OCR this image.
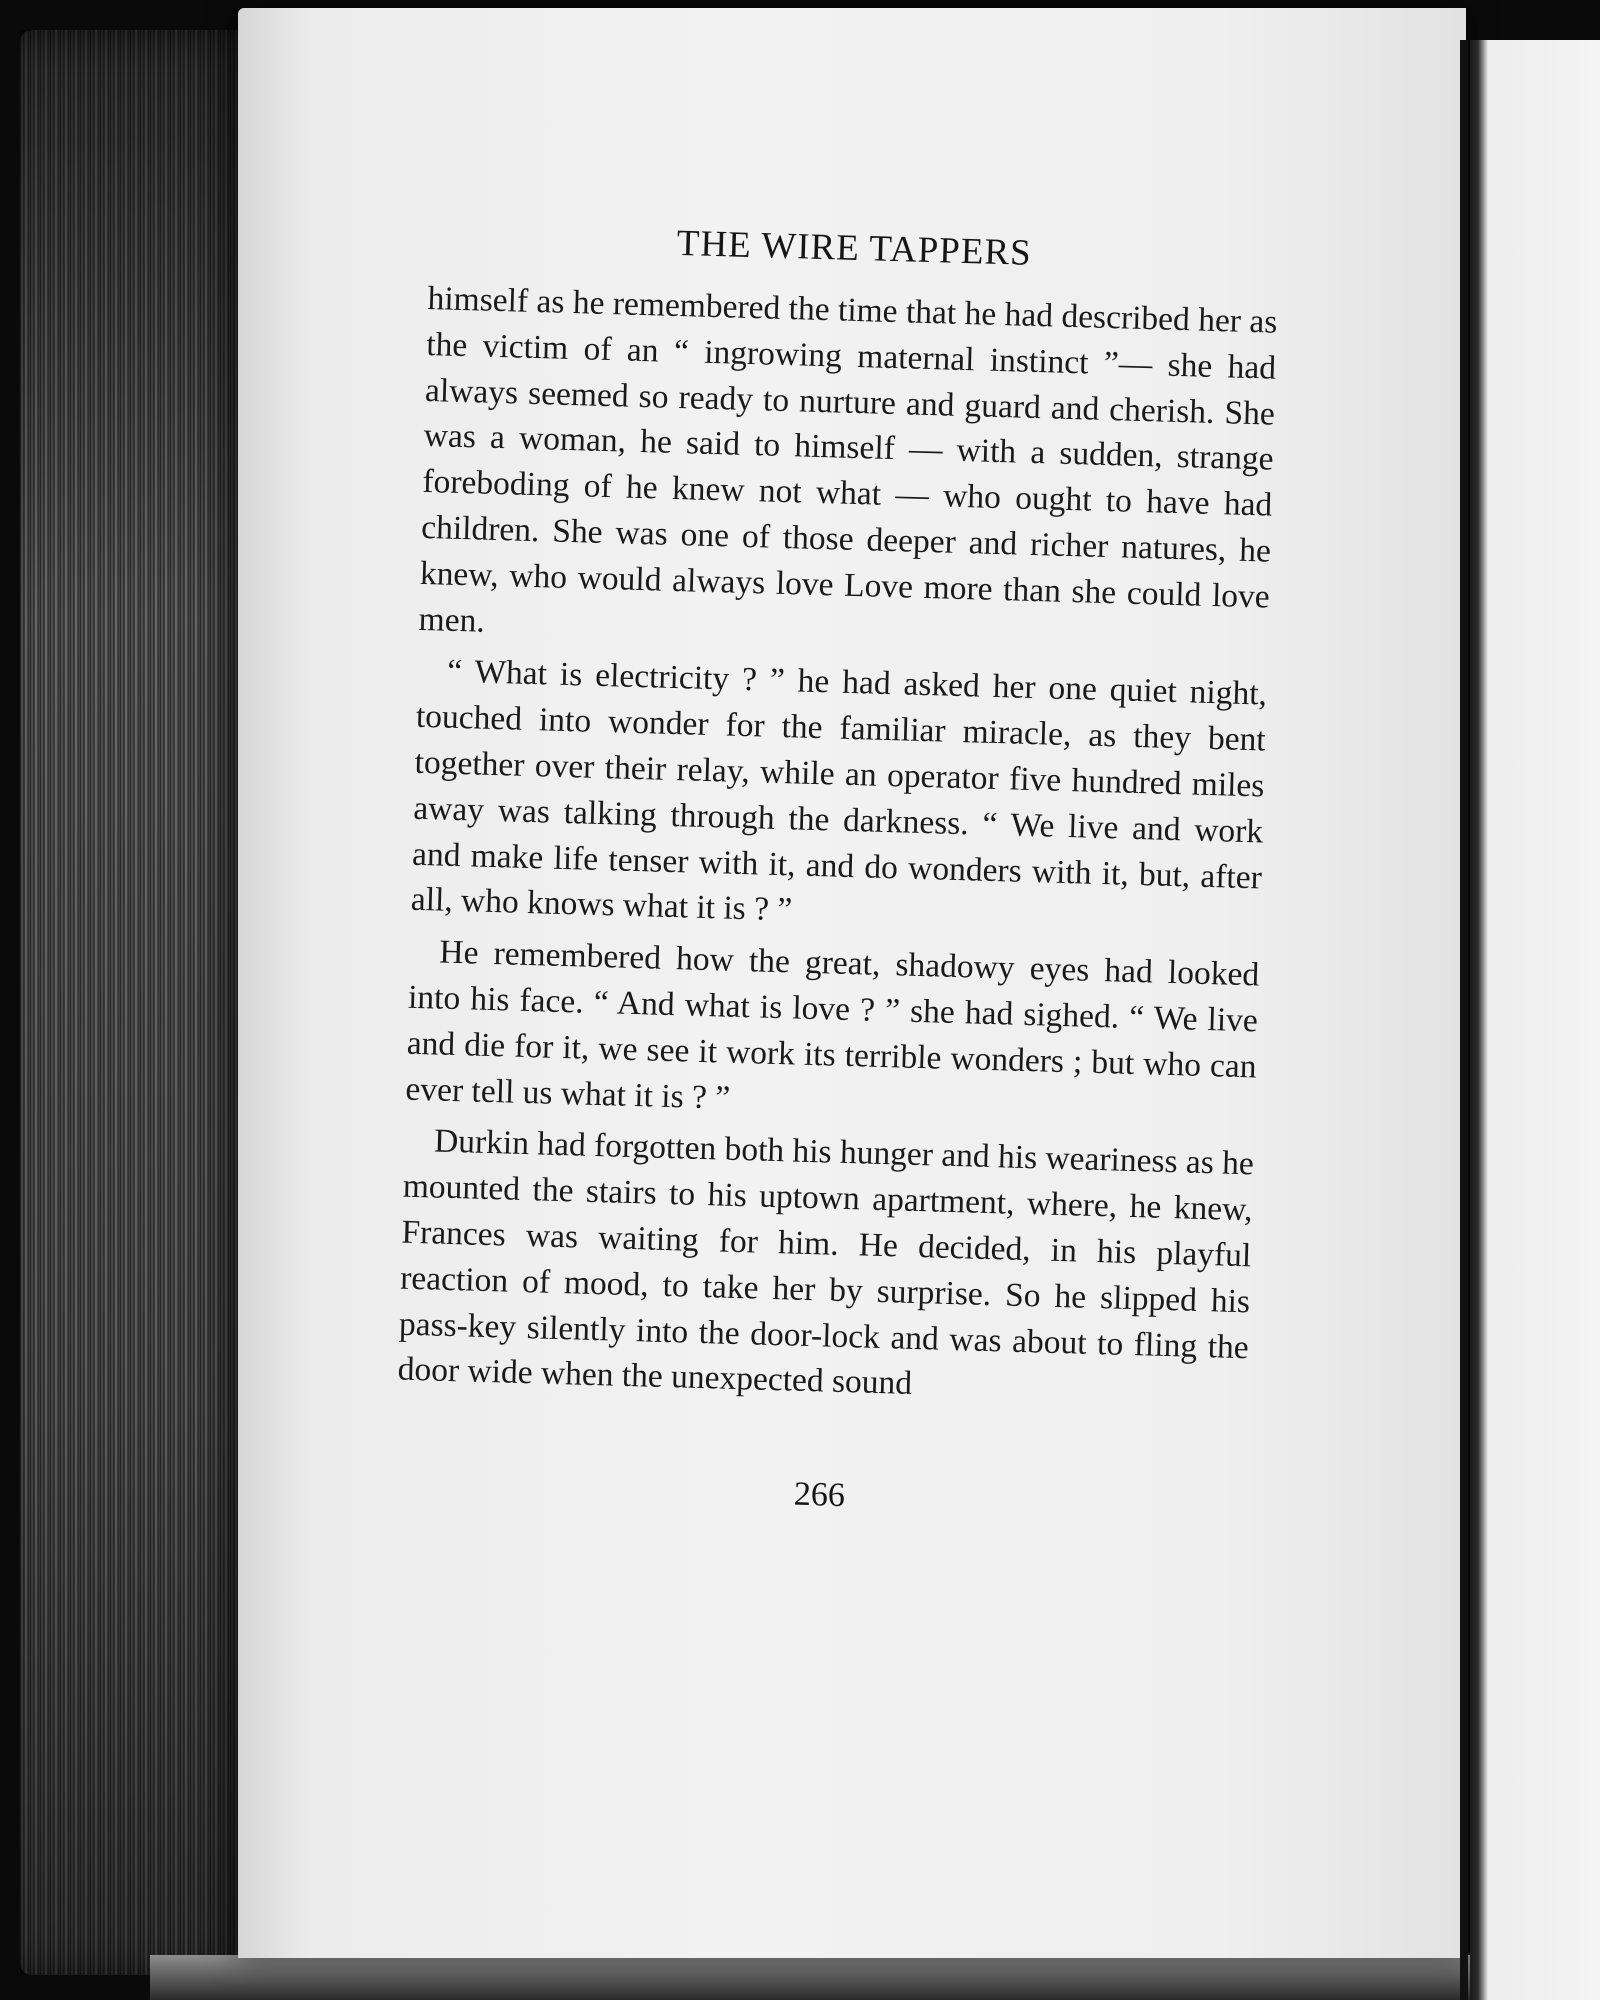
THE WIRE TAPPERS

himself as he remembered the time that he had described her as the victim of an “ ingrowing maternal instinct ”— she had always seemed so ready to nurture and guard and cherish. She was a woman, he said to himself — with a sudden, strange foreboding of he knew not what — who ought to have had children. She was one of those deeper and richer natures, he knew, who would always love Love more than she could love men.

“ What is electricity ? ” he had asked her one quiet night, touched into wonder for the familiar miracle, as they bent together over their relay, while an operator five hundred miles away was talking through the darkness. “ We live and work and make life tenser with it, and do wonders with it, but, after all, who knows what it is ? ”

He remembered how the great, shadowy eyes had looked into his face. “ And what is love ? ” she had sighed. “ We live and die for it, we see it work its terrible wonders ; but who can ever tell us what it is ? ”

Durkin had forgotten both his hunger and his weariness as he mounted the stairs to his uptown apartment, where, he knew, Frances was waiting for him. He decided, in his playful reaction of mood, to take her by surprise. So he slipped his pass-key silently into the door-lock and was about to fling the door wide when the unexpected sound

266
